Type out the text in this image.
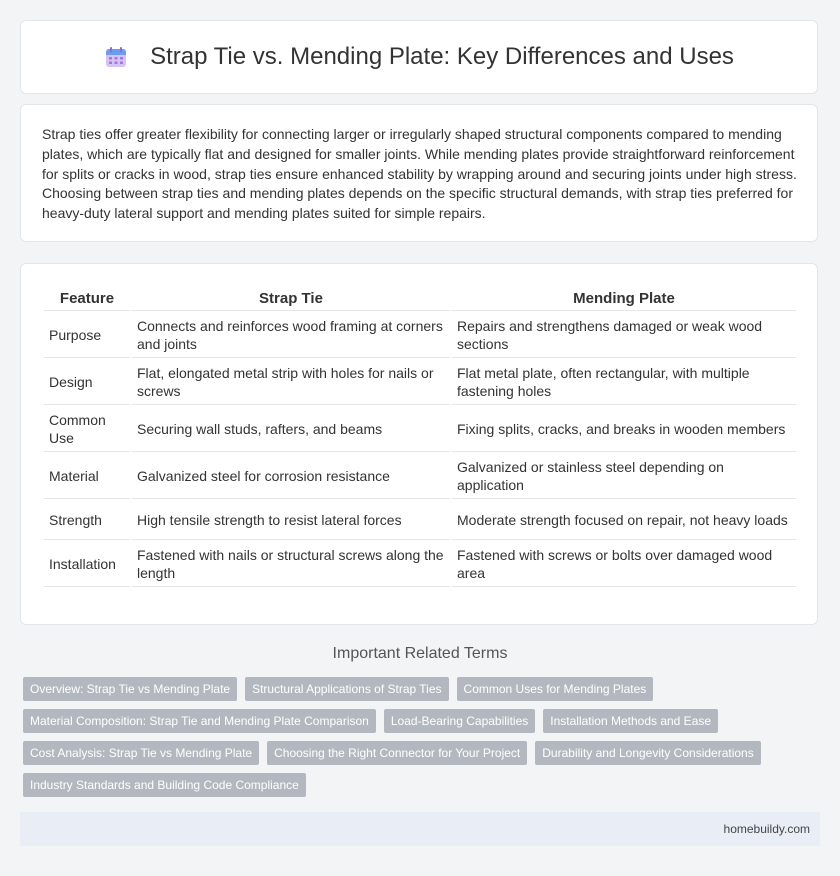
Strap Tie vs. Mending Plate: Key Differences and Uses

Strap ties offer greater flexibility for connecting larger or irregularly shaped structural components compared to mending plates, which are typically flat and designed for smaller joints. While mending plates provide straightforward reinforcement for splits or cracks in wood, strap ties ensure enhanced stability by wrapping around and securing joints under high stress. Choosing between strap ties and mending plates depends on the specific structural demands, with strap ties preferred for heavy-duty lateral support and mending plates suited for simple repairs.

Feature	Strap Tie	Mending Plate
Purpose	Connects and reinforces wood framing at corners and joints	Repairs and strengthens damaged or weak wood sections
Design	Flat, elongated metal strip with holes for nails or screws	Flat metal plate, often rectangular, with multiple fastening holes
Common Use	Securing wall studs, rafters, and beams	Fixing splits, cracks, and breaks in wooden members
Material	Galvanized steel for corrosion resistance	Galvanized or stainless steel depending on application
Strength	High tensile strength to resist lateral forces	Moderate strength focused on repair, not heavy loads
Installation	Fastened with nails or structural screws along the length	Fastened with screws or bolts over damaged wood area
Important Related Terms
Overview: Strap Tie vs Mending Plate	Structural Applications of Strap Ties	Common Uses for Mending Plates
Material Composition: Strap Tie and Mending Plate Comparison	Load-Bearing Capabilities	Installation Methods and Ease
Cost Analysis: Strap Tie vs Mending Plate	Choosing the Right Connector for Your Project	Durability and Longevity Considerations
Industry Standards and Building Code Compliance
homebuildy.com
